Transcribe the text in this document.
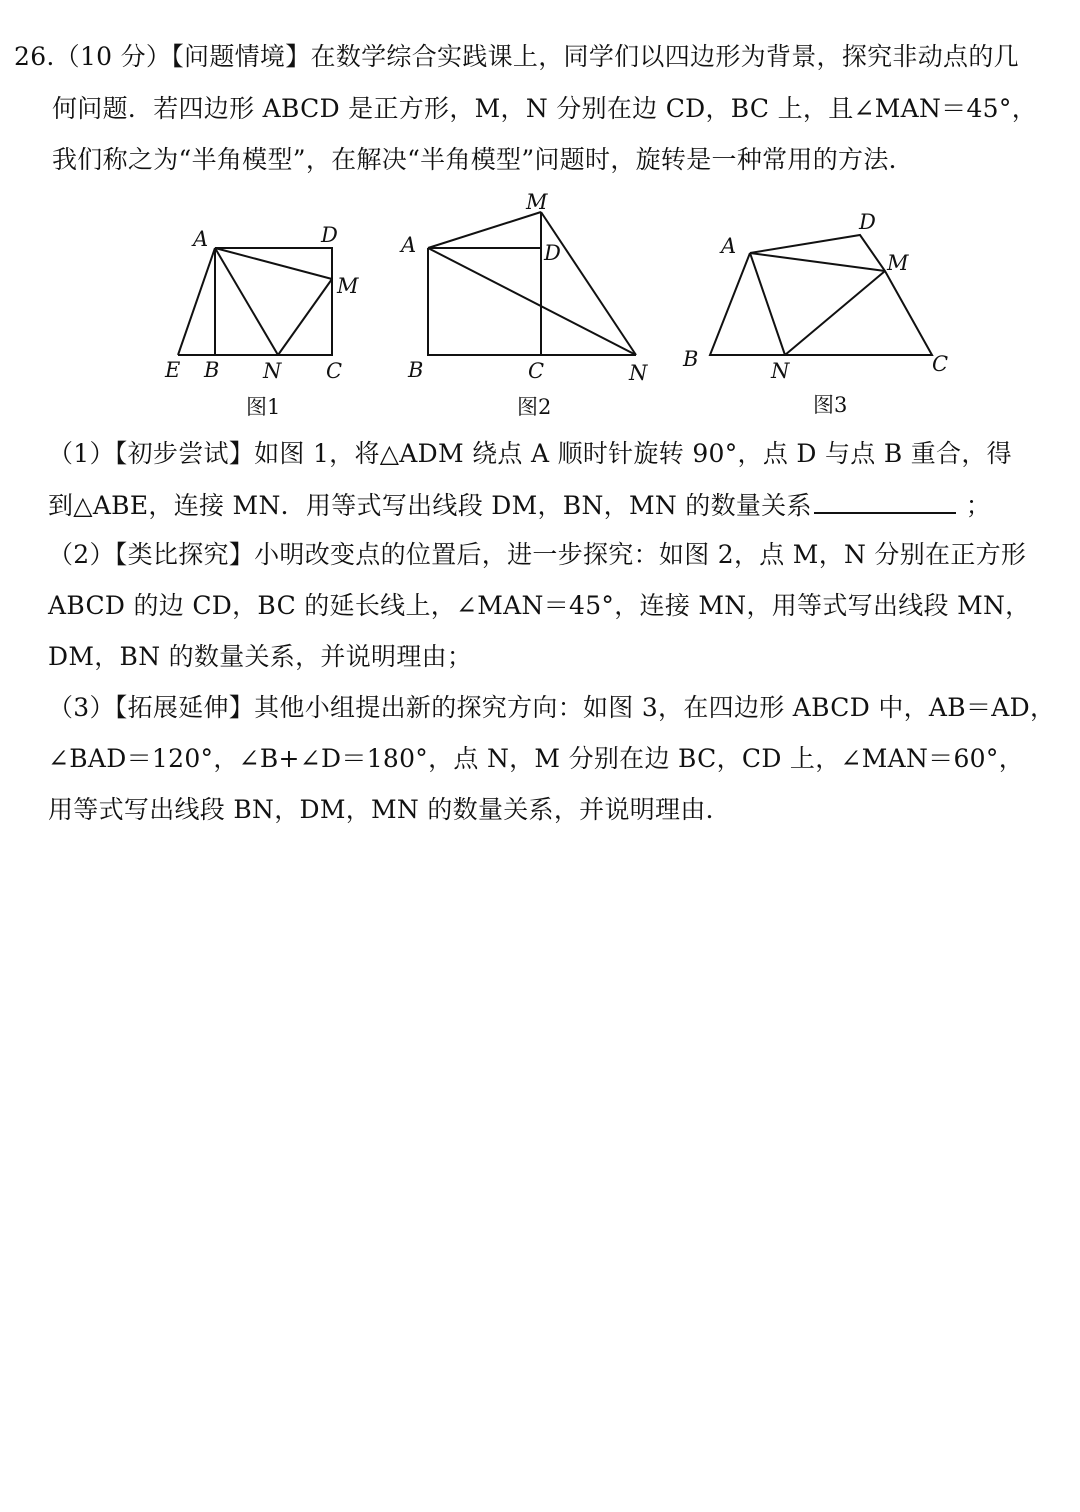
26.（10 分）【问题情境】在数学综合实践课上，同学们以四边形为背景，探究非动点的几
何问题．若四边形 ABCD 是正方形，M，N 分别在边 CD，BC 上，且∠MAN＝45°，
我们称之为“半角模型”，在解决“半角模型”问题时，旋转是一种常用的方法．
A	D
M
E B N C
图1
A
M
D
B	C	N
图2
A
D
M
B	N	C
图3
（1）【初步尝试】如图 1，将△ADM 绕点 A 顺时针旋转 90°，点 D 与点 B 重合，得
到△ABE，连接 MN．用等式写出线段 DM，BN，MN 的数量关系	；
（2）【类比探究】小明改变点的位置后，进一步探究：如图 2，点 M，N 分别在正方形
ABCD 的边 CD，BC 的延长线上，∠MAN＝45°，连接 MN，用等式写出线段 MN，
DM，BN 的数量关系，并说明理由；
（3）【拓展延伸】其他小组提出新的探究方向：如图 3，在四边形 ABCD 中，AB＝AD，
∠BAD＝120°，∠B+∠D＝180°，点 N，M 分别在边 BC，CD 上，∠MAN＝60°，
用等式写出线段 BN，DM，MN 的数量关系，并说明理由．
